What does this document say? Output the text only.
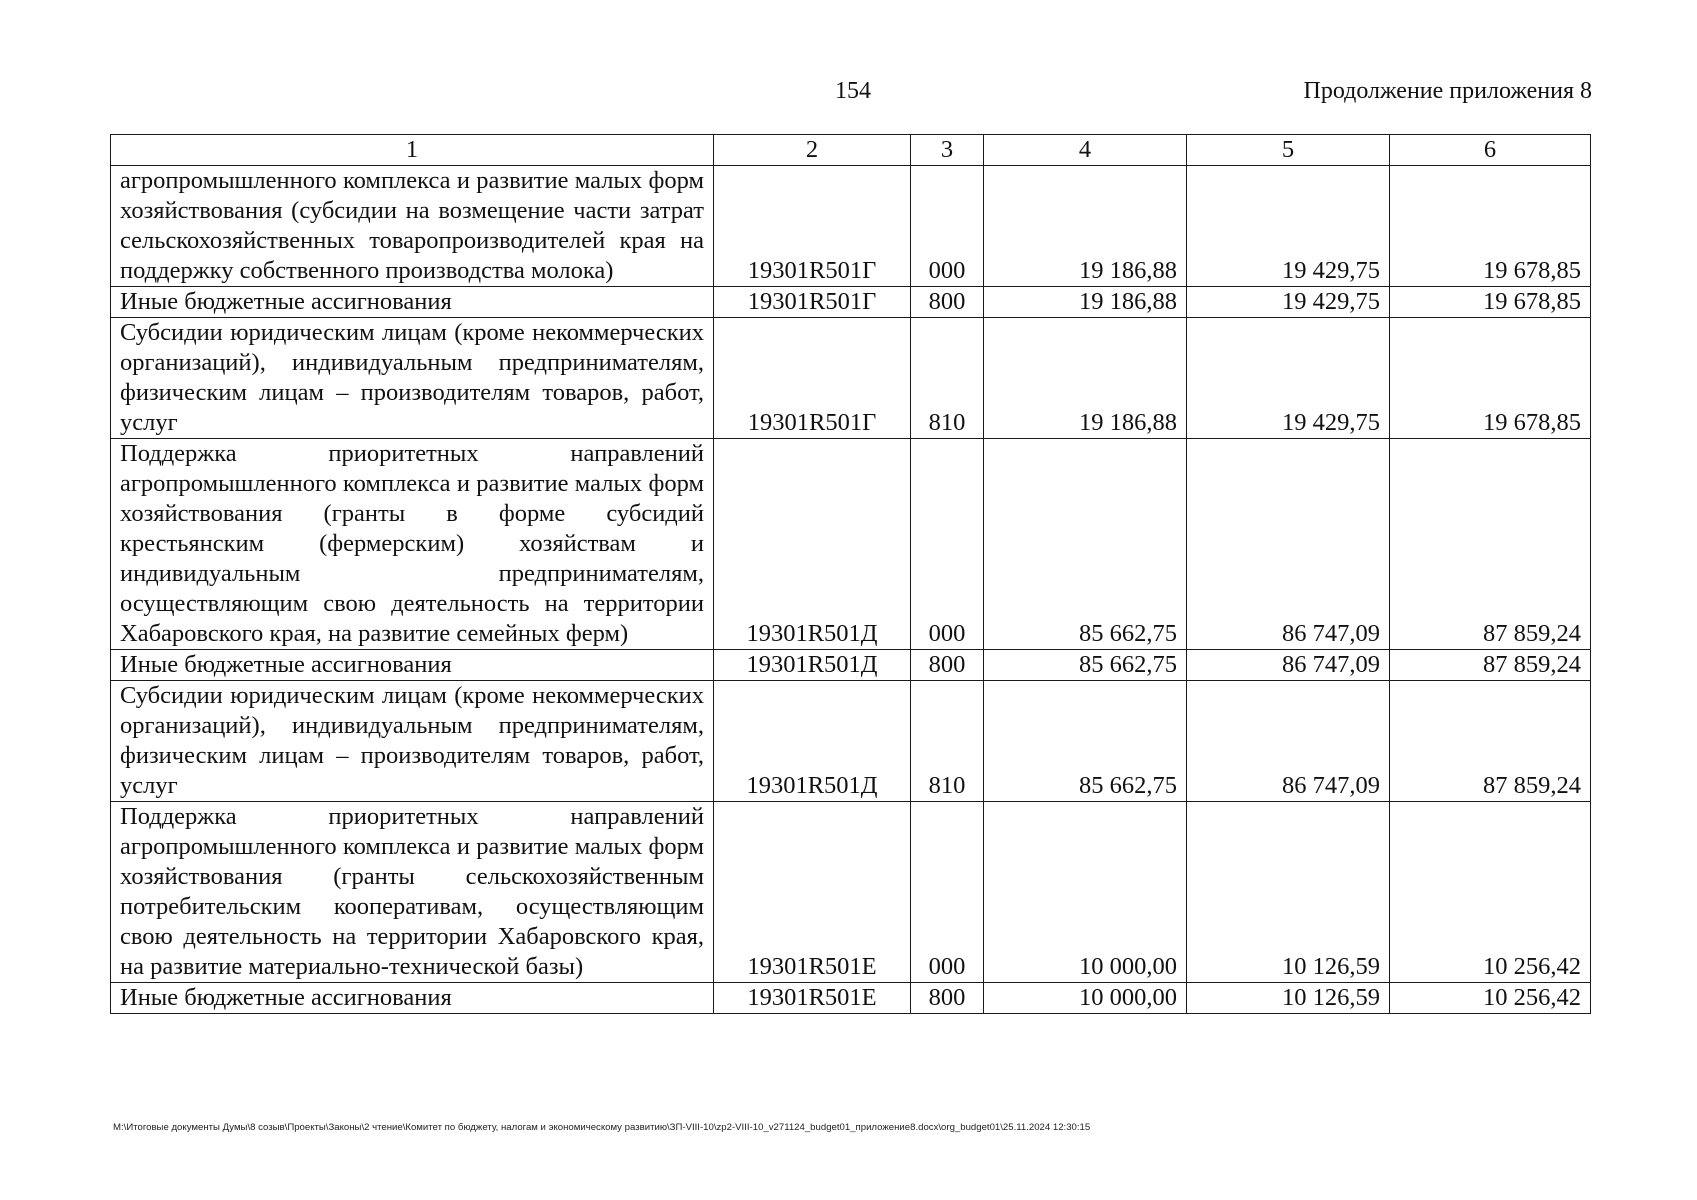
154	Продолжение приложения 8
1	2	3	4	5	6
агропромышленного комплекса и развитие малых форм хозяйствования (субсидии на возмещение части затрат сельскохозяйственных товаропроизводителей края на поддержку собственного производства молока)	19301R501Г	000	19 186,88	19 429,75	19 678,85
Иные бюджетные ассигнования	19301R501Г	800	19 186,88	19 429,75	19 678,85
Субсидии юридическим лицам (кроме некоммерческих организаций), индивидуальным предпринимателям, физическим лицам – производителям товаров, работ, услуг	19301R501Г	810	19 186,88	19 429,75	19 678,85
Поддержка приоритетных направлений агропромышленного комплекса и развитие малых форм хозяйствования (гранты в форме субсидий крестьянским (фермерским) хозяйствам и индивидуальным предпринимателям, осуществляющим свою деятельность на территории Хабаровского края, на развитие семейных ферм)	19301R501Д	000	85 662,75	86 747,09	87 859,24
Иные бюджетные ассигнования	19301R501Д	800	85 662,75	86 747,09	87 859,24
Субсидии юридическим лицам (кроме некоммерческих организаций), индивидуальным предпринимателям, физическим лицам – производителям товаров, работ, услуг	19301R501Д	810	85 662,75	86 747,09	87 859,24
Поддержка приоритетных направлений агропромышленного комплекса и развитие малых форм хозяйствования (гранты сельскохозяйственным потребительским кооперативам, осуществляющим свою деятельность на территории Хабаровского края, на развитие материально-технической базы)	19301R501Е	000	10 000,00	10 126,59	10 256,42
Иные бюджетные ассигнования	19301R501Е	800	10 000,00	10 126,59	10 256,42
M:\Итоговые документы Думы\8 созыв\Проекты\Законы\2 чтение\Комитет по бюджету, налогам и экономическому развитию\ЗП-VIII-10\zp2-VIII-10_v271124_budget01_приложение8.docx\org_budget01\25.11.2024 12:30:15
